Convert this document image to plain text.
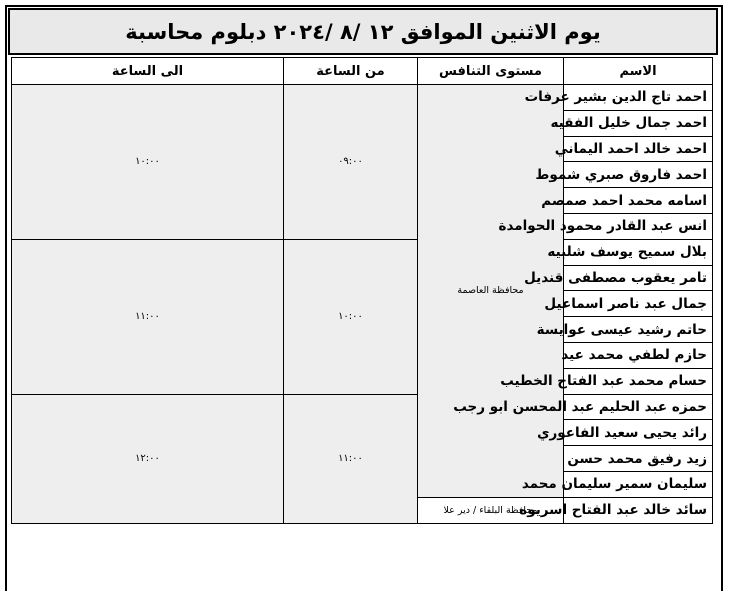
يوم الاثنين الموافق ١٢ /٨ /٢٠٢٤ دبلوم محاسبة
الاسم	مستوى التنافس	من الساعة	الى الساعة
احمد تاج الدين بشير عرفات	محافظة العاصمة	٠٩:٠٠	١٠:٠٠
احمد جمال خليل الفقيه			
احمد خالد احمد اليماني			
احمد فاروق صبري شموط			
اسامه محمد احمد صمصم			
انس عبد القادر محمود الحوامدة			
بلال سميح يوسف شلبيه		١٠:٠٠	١١:٠٠
تامر يعقوب مصطفى قنديل			
جمال عبد ناصر اسماعيل			
حاتم رشيد عيسى عوايسة			
حازم لطفي محمد عيد			
حسام محمد عبد الفتاح الخطيب			
حمزه عبد الحليم عبد المحسن ابو رجب		١١:٠٠	١٢:٠٠
رائد يحيى سعيد الفاعوري			
زيد رفيق محمد حسن			
سليمان سمير سليمان محمد			
سائد خالد عبد الفتاح اسريوه	محافظة البلقاء / دير علا		
